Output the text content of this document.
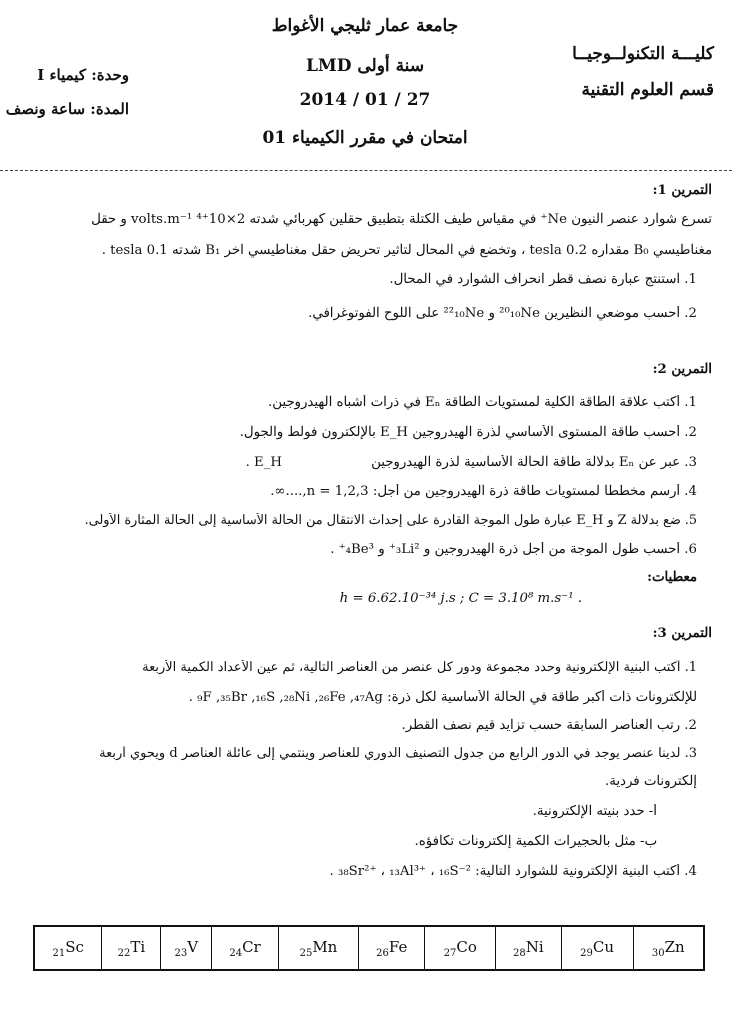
جامعة عمار ثليجي الأغواط
سنة أولى LMD
2014 / 01 / 27
امتحان في مقرر الكيمياء 01
كليـــة التكنولــوجيــا
قسم العلوم التقنية
وحدة: كيمياء I
المدة: ساعة ونصف
التمرين 1:
تسرع شوارد عنصر النيون Ne⁺ في مقياس طيف الكتلة بتطبيق حقلين كهربائي شدته 2×10⁺⁴ volts.m⁻¹ و حقل
مغناطيسي B₀ مقداره 0.2 tesla ، وتخضع في المحال لتأثير تحريض حقل مغناطيسي آخر B₁ شدته 0.1 tesla .
1. استنتج عبارة نصف قطر انحراف الشوارد في المحال.
2. أحسب موضعي النظيرين ²⁰₁₀Ne و ²²₁₀Ne على اللوح الفوتوغرافي.
التمرين 2:
1. أكتب علاقة الطاقة الكلية لمستويات الطاقة Eₙ في ذرات أشباه الهيدروجين.
2. أحسب طاقة المستوى الأساسي لذرة الهيدروجين E_H بالإلكترون فولط والجول.
3. عبر عن Eₙ بدلالة طاقة الحالة الأساسية لذرة الهيدروجين
E_H .
4. أرسم مخططا لمستويات طاقة ذرة الهيدروجين من أجل: n = 1,2,3,....∞.
5. ضع بدلالة Z و E_H عبارة طول الموجة القادرة على إحداث الانتقال من الحالة الأساسية إلى الحالة المثارة الأولى.
6. أحسب طول الموجة من أجل ذرة الهيدروجين و ₃Li²⁺ و ₄Be³⁺ .
معطيات:
h = 6.62.10⁻³⁴ j.s ; C = 3.10⁸ m.s⁻¹ .
التمرين 3:
1. أكتب البنية الإلكترونية وحدد مجموعة ودور كل عنصر من العناصر التالية، ثم عين الأعداد الكمية الأربعة
للإلكترونات ذات أكبر طاقة في الحالة الأساسية لكل ذرة: ₉F ,₃₅Br ,₁₆S ,₂₈Ni ,₂₆Fe ,₄₇Ag .
2. رتب العناصر السابقة حسب تزايد قيم نصف القطر.
3. لدينا عنصر يوجد في الدور الرابع من جدول التصنيف الدوري للعناصر وينتمي إلى عائلة العناصر d ويحوي أربعة
إلكترونات فردية.
أ- حدد بنيته الإلكترونية.
ب- مثل بالحجيرات الكمية إلكترونات تكافؤه.
4. أكتب البنية الإلكترونية للشوارد التالية: ₃₈Sr²⁺ ، ₁₃Al³⁺ ، ₁₆S⁻² .
$_{21}$Sc	$_{22}$Ti	$_{23}$V	$_{24}$Cr	$_{25}$Mn	$_{26}$Fe	$_{27}$Co	$_{28}$Ni	$_{29}$Cu	$_{30}$Zn
